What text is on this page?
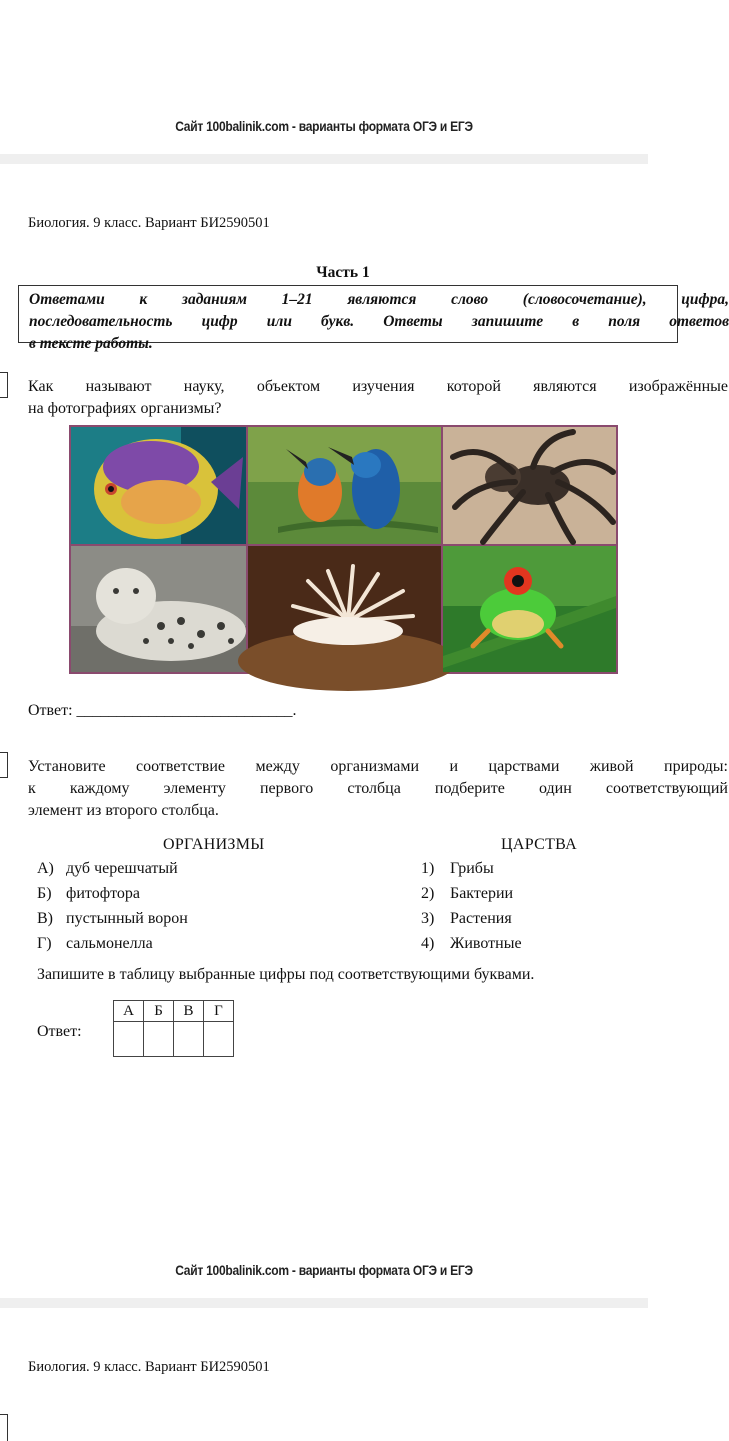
Сайт 100balinik.com - варианты формата ОГЭ и ЕГЭ
Биология. 9 класс. Вариант БИ2590501
Часть 1
Ответами к заданиям 1–21 являются слово (словосочетание), цифра,
последовательность цифр или букв. Ответы запишите в поля ответов
в тексте работы.
Как называют науку, объектом изучения которой являются изображённые
на фотографиях организмы?
Ответ: ___________________________.
Установите соответствие между организмами и царствами живой природы:
к каждому элементу первого столбца подберите один соответствующий
элемент из второго столбца.
ОРГАНИЗМЫ	ЦАРСТВА
А) дуб черешчатый
Б) фитофтора
В) пустынный ворон
Г) сальмонелла
1) Грибы
2) Бактерии
3) Растения
4) Животные
Запишите в таблицу выбранные цифры под соответствующими буквами.
Ответ:
А	Б	В	Г

Сайт 100balinik.com - варианты формата ОГЭ и ЕГЭ
Биология. 9 класс. Вариант БИ2590501
